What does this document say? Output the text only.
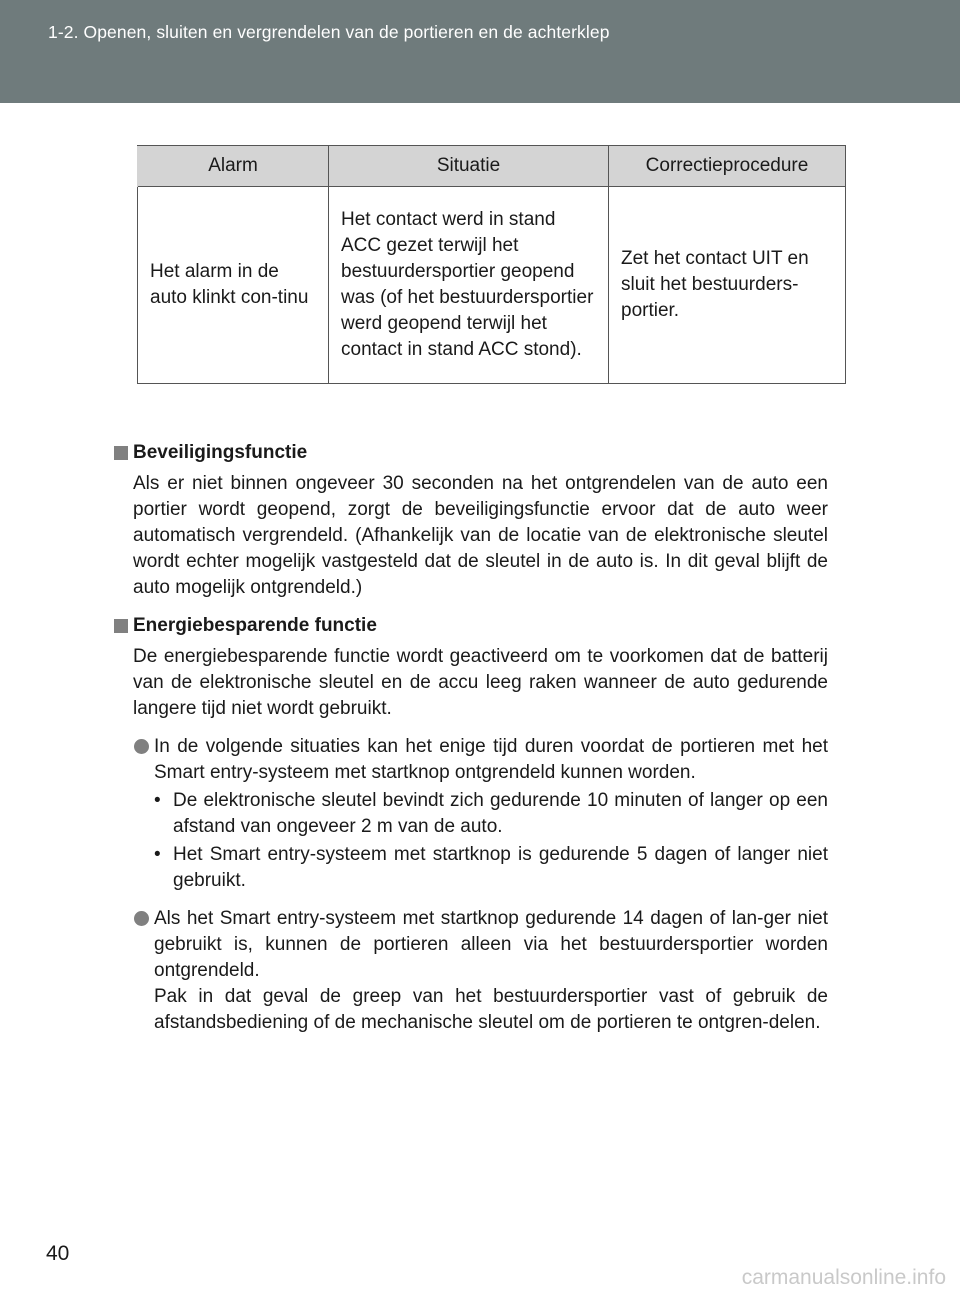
1-2. Openen, sluiten en vergrendelen van de portieren en de achterklep
Alarm	Situatie	Correctieprocedure
Het alarm in de auto klinkt con-tinu	Het contact werd in stand ACC gezet terwijl het bestuurdersportier geopend was (of het bestuurdersportier werd geopend terwijl het contact in stand ACC stond).	Zet het contact UIT en sluit het bestuurders-portier.

Beveiligingsfunctie

Als er niet binnen ongeveer 30 seconden na het ontgrendelen van de auto een portier wordt geopend, zorgt de beveiligingsfunctie ervoor dat de auto weer automatisch vergrendeld. (Afhankelijk van de locatie van de elektronische sleutel wordt echter mogelijk vastgesteld dat de sleutel in de auto is. In dit geval blijft de auto mogelijk ontgrendeld.)

Energiebesparende functie

De energiebesparende functie wordt geactiveerd om te voorkomen dat de batterij van de elektronische sleutel en de accu leeg raken wanneer de auto gedurende langere tijd niet wordt gebruikt.

In de volgende situaties kan het enige tijd duren voordat de portieren met het Smart entry-systeem met startknop ontgrendeld kunnen worden.
• De elektronische sleutel bevindt zich gedurende 10 minuten of langer op een afstand van ongeveer 2 m van de auto.
• Het Smart entry-systeem met startknop is gedurende 5 dagen of langer niet gebruikt.
Als het Smart entry-systeem met startknop gedurende 14 dagen of lan-ger niet gebruikt is, kunnen de portieren alleen via het bestuurdersportier worden ontgrendeld.
Pak in dat geval de greep van het bestuurdersportier vast of gebruik de afstandsbediening of de mechanische sleutel om de portieren te ontgren-delen.
40
carmanualsonline.info
